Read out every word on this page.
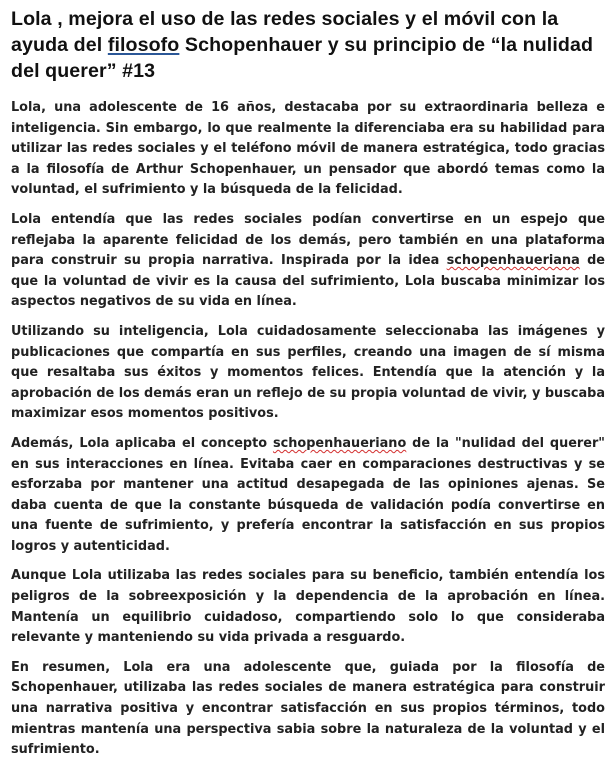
Lola , mejora el uso de las redes sociales y el móvil con la ayuda del filosofo Schopenhauer y su principio de “la nulidad del querer” #13

Lola, una adolescente de 16 años, destacaba por su extraordinaria belleza e inteligencia. Sin embargo, lo que realmente la diferenciaba era su habilidad para utilizar las redes sociales y el teléfono móvil de manera estratégica, todo gracias a la filosofía de Arthur Schopenhauer, un pensador que abordó temas como la voluntad, el sufrimiento y la búsqueda de la felicidad.

Lola entendía que las redes sociales podían convertirse en un espejo que reflejaba la aparente felicidad de los demás, pero también en una plataforma para construir su propia narrativa. Inspirada por la idea schopenhaueriana de que la voluntad de vivir es la causa del sufrimiento, Lola buscaba minimizar los aspectos negativos de su vida en línea.

Utilizando su inteligencia, Lola cuidadosamente seleccionaba las imágenes y publicaciones que compartía en sus perfiles, creando una imagen de sí misma que resaltaba sus éxitos y momentos felices. Entendía que la atención y la aprobación de los demás eran un reflejo de su propia voluntad de vivir, y buscaba maximizar esos momentos positivos.

Además, Lola aplicaba el concepto schopenhaueriano de la "nulidad del querer" en sus interacciones en línea. Evitaba caer en comparaciones destructivas y se esforzaba por mantener una actitud desapegada de las opiniones ajenas. Se daba cuenta de que la constante búsqueda de validación podía convertirse en una fuente de sufrimiento, y prefería encontrar la satisfacción en sus propios logros y autenticidad.

Aunque Lola utilizaba las redes sociales para su beneficio, también entendía los peligros de la sobreexposición y la dependencia de la aprobación en línea. Mantenía un equilibrio cuidadoso, compartiendo solo lo que consideraba relevante y manteniendo su vida privada a resguardo.

En resumen, Lola era una adolescente que, guiada por la filosofía de Schopenhauer, utilizaba las redes sociales de manera estratégica para construir una narrativa positiva y encontrar satisfacción en sus propios términos, todo mientras mantenía una perspectiva sabia sobre la naturaleza de la voluntad y el sufrimiento.
